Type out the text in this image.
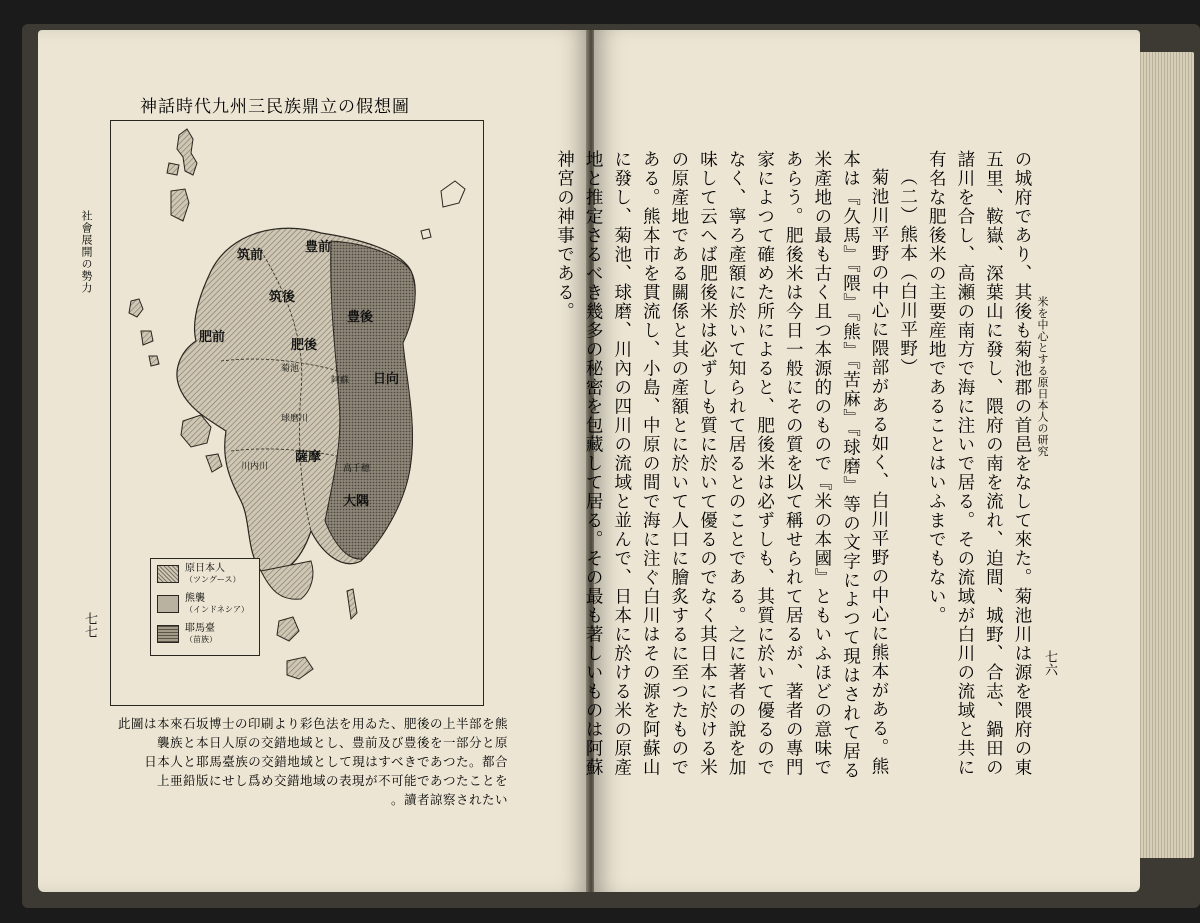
圖想假の立鼎族民三州九代時話神
社會展開の勢力
七七
筑前
豊前
筑後
肥前
豊後
肥後
日向
薩摩
大隅
菊池
阿蘇
球磨川
川内川	高千穂
原日本人
（ツングース）
熊襲
（インドネシア）
耶馬臺
（苗族）
此圖は本來石坂博士の印刷より彩色法を用ゐた、肥後の上半部を熊
襲族と本日人原の交錯地域とし、豊前及び豊後を一部分と原
日本人と耶馬臺族の交錯地域として現はすべきであつた。都合
上亜鉛版にせし爲め交錯地域の表現が不可能であつたことを
讀者諒察されたい。
米を中心とする原日本人の研究
七六

の城府であり、其後も菊池郡の首邑をなして來た。菊池川は源を隈府の東五里、鞍嶽、深葉山に發し、隈府の南を流れ、迫間、城野、合志、鍋田の諸川を合し、高瀬の南方で海に注いで居る。その流域が白川の流域と共に有名な肥後米の主要産地であることはいふまでもない。

（二）熊本（白川平野）

菊池川平野の中心に隈部がある如く、白川平野の中心に熊本がある。熊本は『久馬』『隈』『熊』『苦麻』『球磨』等の文字によつて現はされて居る米產地の最も古く且つ本源的のもので『米の本國』ともいふほどの意味であらう。肥後米は今日一般にその質を以て稱せられて居るが、著者の專門家によつて確めた所によると、肥後米は必ずしも、其質に於いて優るのでなく、寧ろ產額に於いて知られて居るとのことである。之に著者の說を加味して云へば肥後米は必ずしも質に於いて優るのでなく其日本に於ける米の原產地である關係と其の產額とに於いて人口に膾炙するに至つたものである。熊本市を貫流し、小島、中原の間で海に注ぐ白川はその源を阿蘇山に發し、菊池、球磨、川內の四川の流域と並んで、日本に於ける米の原產地と推定さるべき幾多の秘密を包藏して居る。その最も著しいものは阿蘇神宮の神事である。
